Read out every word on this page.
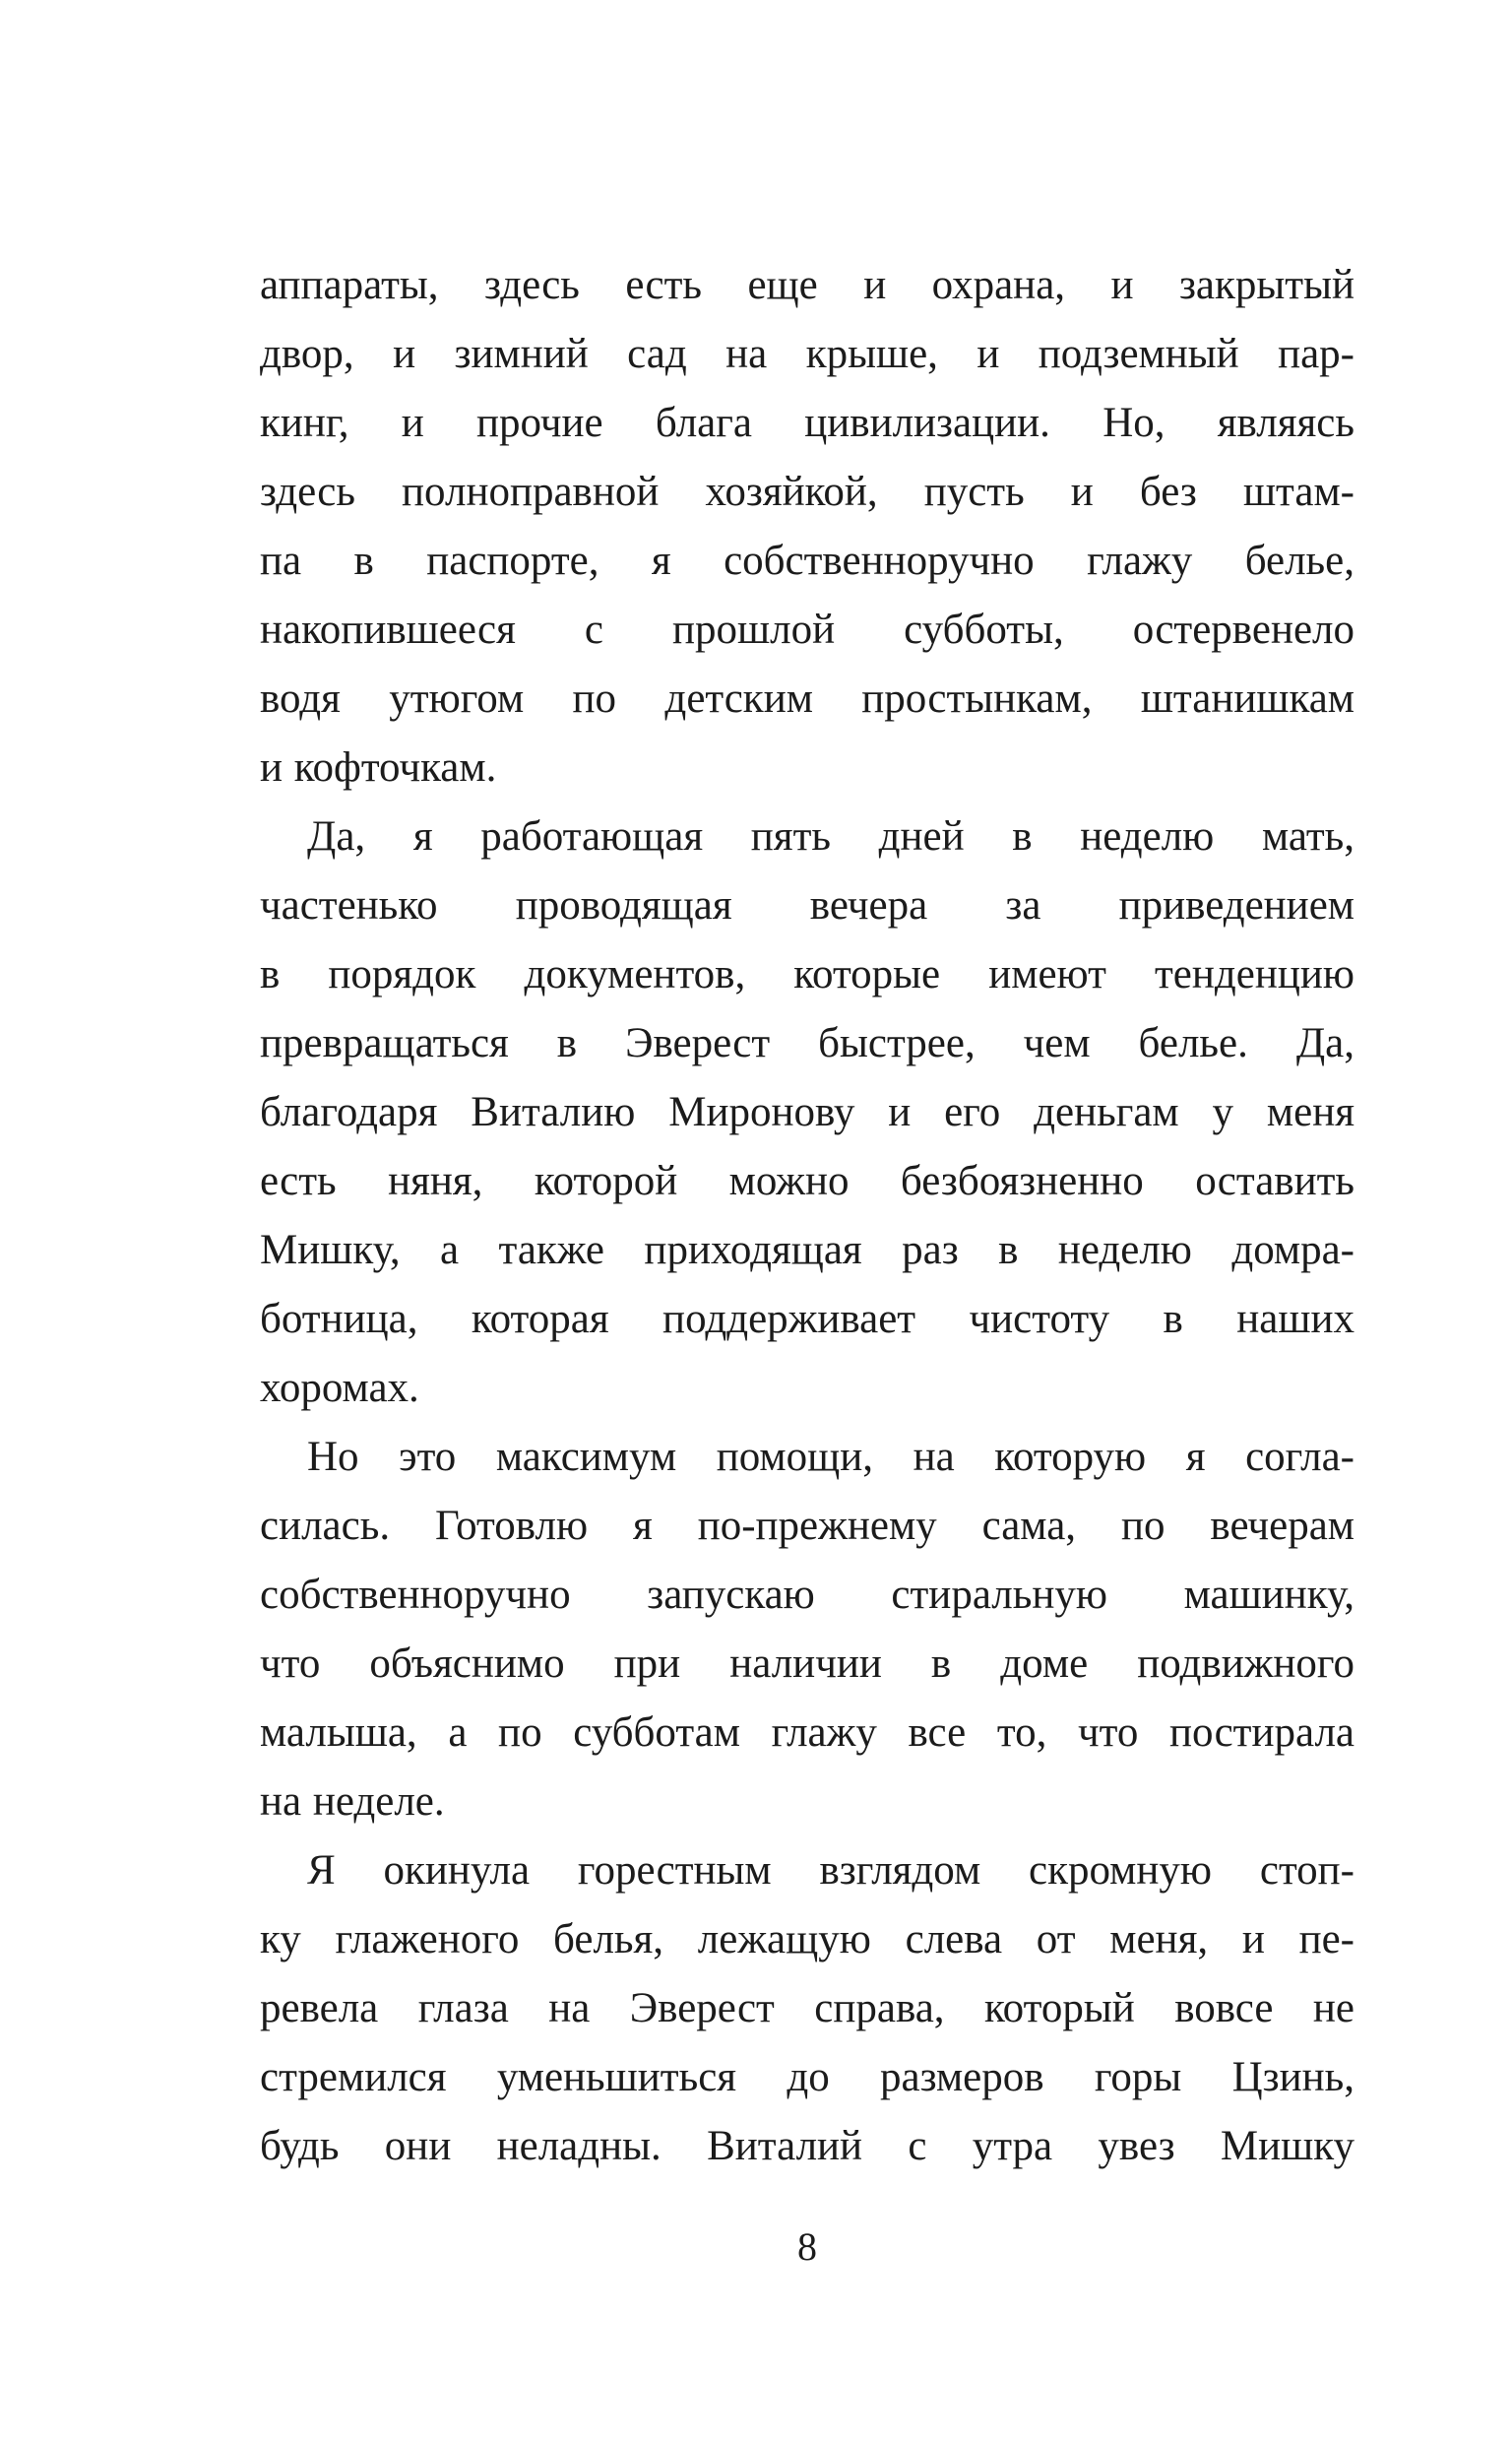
аппараты, здесь есть еще и охрана, и закрытый
двор, и зимний сад на крыше, и подземный пар-
кинг, и прочие блага цивилизации. Но, являясь
здесь полноправной хозяйкой, пусть и без штам-
па в паспорте, я собственноручно глажу белье,
накопившееся с прошлой субботы, остервенело
водя утюгом по детским простынкам, штанишкам
и кофточкам.
Да, я работающая пять дней в неделю мать,
частенько проводящая вечера за приведением
в порядок документов, которые имеют тенденцию
превращаться в Эверест быстрее, чем белье. Да,
благодаря Виталию Миронову и его деньгам у меня
есть няня, которой можно безбоязненно оставить
Мишку, а также приходящая раз в неделю домра-
ботница, которая поддерживает чистоту в наших
хоромах.
Но это максимум помощи, на которую я согла-
силась. Готовлю я по-прежнему сама, по вечерам
собственноручно запускаю стиральную машинку,
что объяснимо при наличии в доме подвижного
малыша, а по субботам глажу все то, что постирала
на неделе.
Я окинула горестным взглядом скромную стоп-
ку глаженого белья, лежащую слева от меня, и пе-
ревела глаза на Эверест справа, который вовсе не
стремился уменьшиться до размеров горы Цзинь,
будь они неладны. Виталий с утра увез Мишку
8
